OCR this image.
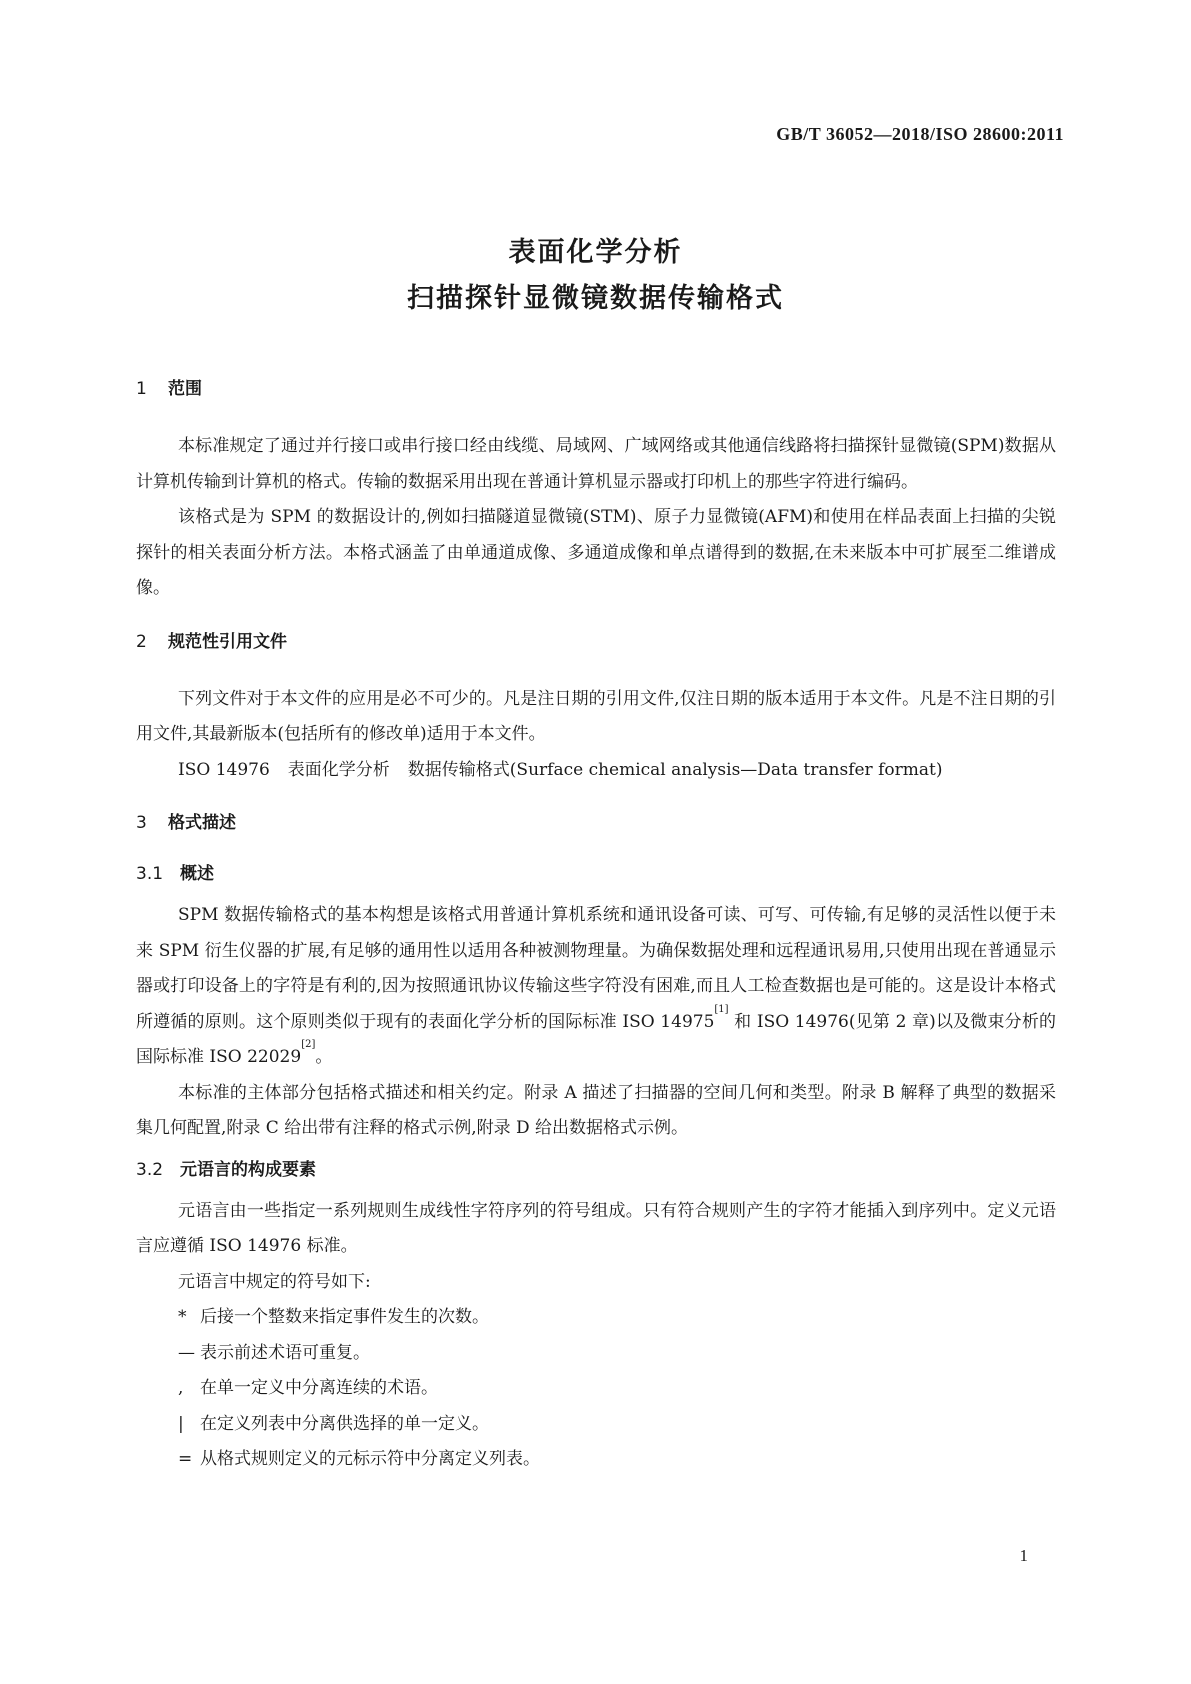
GB/T 36052—2018/ISO 28600:2011
表面化学分析
扫描探针显微镜数据传输格式
1 范围

本标准规定了通过并行接口或串行接口经由线缆、局域网、广域网络或其他通信线路将扫描探针显微镜(SPM)数据从计算机传输到计算机的格式。传输的数据采用出现在普通计算机显示器或打印机上的那些字符进行编码。

该格式是为 SPM 的数据设计的,例如扫描隧道显微镜(STM)、原子力显微镜(AFM)和使用在样品表面上扫描的尖锐探针的相关表面分析方法。本格式涵盖了由单通道成像、多通道成像和单点谱得到的数据,在未来版本中可扩展至二维谱成像。

2 规范性引用文件

下列文件对于本文件的应用是必不可少的。凡是注日期的引用文件,仅注日期的版本适用于本文件。凡是不注日期的引用文件,其最新版本(包括所有的修改单)适用于本文件。

ISO 14976 表面化学分析 数据传输格式(Surface chemical analysis—Data transfer format)

3 格式描述
3.1 概述

SPM 数据传输格式的基本构想是该格式用普通计算机系统和通讯设备可读、可写、可传输,有足够的灵活性以便于未来 SPM 衍生仪器的扩展,有足够的通用性以适用各种被测物理量。为确保数据处理和远程通讯易用,只使用出现在普通显示器或打印设备上的字符是有利的,因为按照通讯协议传输这些字符没有困难,而且人工检查数据也是可能的。这是设计本格式所遵循的原则。这个原则类似于现有的表面化学分析的国际标准 ISO 14975[1] 和 ISO 14976(见第 2 章)以及微束分析的国际标准 ISO 22029[2]。

本标准的主体部分包括格式描述和相关约定。附录 A 描述了扫描器的空间几何和类型。附录 B 解释了典型的数据采集几何配置,附录 C 给出带有注释的格式示例,附录 D 给出数据格式示例。

3.2 元语言的构成要素

元语言由一些指定一系列规则生成线性字符序列的符号组成。只有符合规则产生的字符才能插入到序列中。定义元语言应遵循 ISO 14976 标准。

元语言中规定的符号如下:

* 后接一个整数来指定事件发生的次数。

— 表示前述术语可重复。

, 在单一定义中分离连续的术语。

| 在定义列表中分离供选择的单一定义。

= 从格式规则定义的元标示符中分离定义列表。

1
